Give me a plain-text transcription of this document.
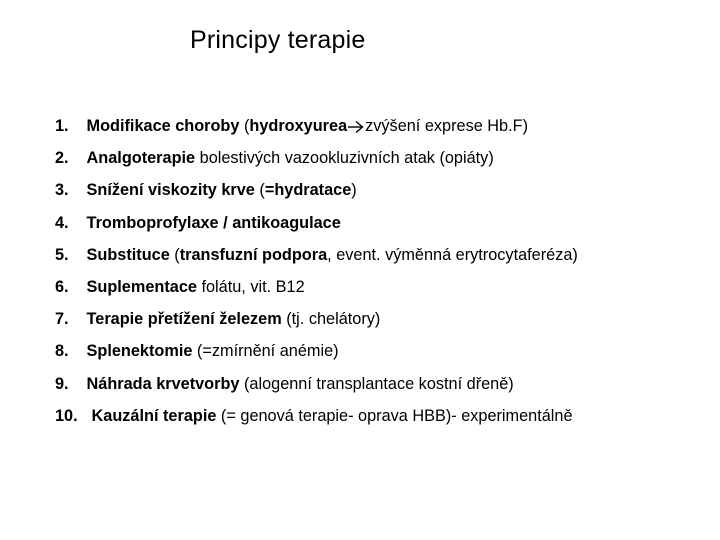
Principy terapie
1. Modifikace choroby (hydroxyurea zvýšení exprese Hb.F)
2. Analgoterapie bolestivých vazookluzivních atak (opiáty)
3. Snížení viskozity krve (=hydratace)
4. Tromboprofylaxe / antikoagulace
5. Substituce (transfuzní podpora, event. výměnná erytrocytaferéza)
6. Suplementace folátu, vit. B12
7. Terapie přetížení železem (tj. chelátory)
8. Splenektomie (=zmírnění anémie)
9. Náhrada krvetvorby (alogenní transplantace kostní dřeně)
10. Kauzální terapie (= genová terapie- oprava HBB)- experimentálně
